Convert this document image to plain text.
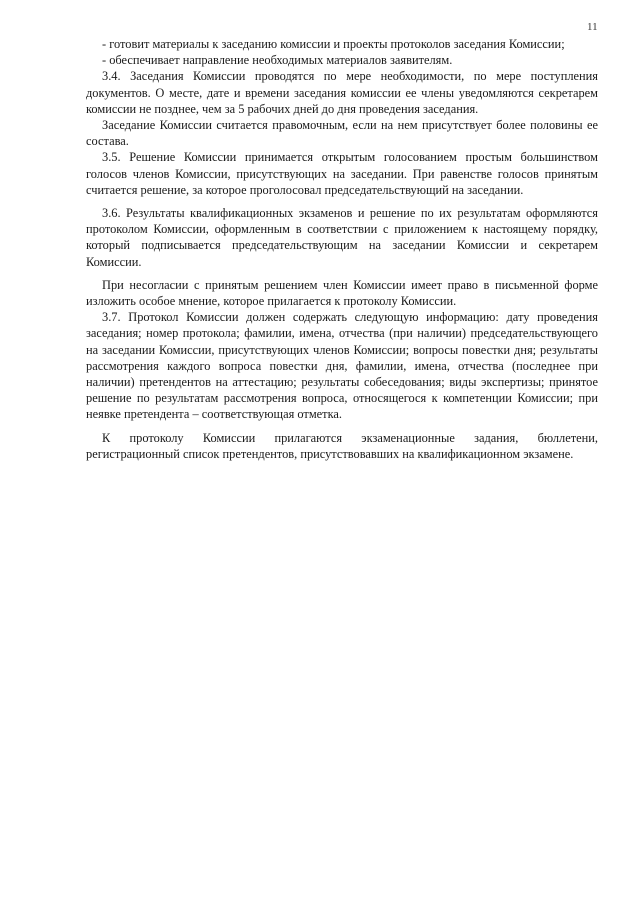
11

- готовит материалы к заседанию комиссии и проекты протоколов заседания Комиссии;

- обеспечивает направление необходимых материалов заявителям.

3.4. Заседания Комиссии проводятся по мере необходимости, по мере поступления документов. О месте, дате и времени заседания комиссии ее члены уведомляются секретарем комиссии не позднее, чем за 5 рабочих дней до дня проведения заседания.

Заседание Комиссии считается правомочным, если на нем присутствует более половины ее состава.

3.5. Решение Комиссии принимается открытым голосованием простым большинством голосов членов Комиссии, присутствующих на заседании. При равенстве голосов принятым считается решение, за которое проголосовал председательствующий на заседании.

3.6. Результаты квалификационных экзаменов и решение по их результатам оформляются протоколом Комиссии, оформленным в соответствии с приложением к настоящему порядку, который подписывается председательствующим на заседании Комиссии и секретарем Комиссии.

При несогласии с принятым решением член Комиссии имеет право в письменной форме изложить особое мнение, которое прилагается к протоколу Комиссии.

3.7. Протокол Комиссии должен содержать следующую информацию: дату проведения заседания; номер протокола; фамилии, имена, отчества (при наличии) председательствующего на заседании Комиссии, присутствующих членов Комиссии; вопросы повестки дня; результаты рассмотрения каждого вопроса повестки дня, фамилии, имена, отчества (последнее при наличии) претендентов на аттестацию; результаты собеседования; виды экспертизы; принятое решение по результатам рассмотрения вопроса, относящегося к компетенции Комиссии; при неявке претендента – соответствующая отметка.

К протоколу Комиссии прилагаются экзаменационные задания, бюллетени, регистрационный список претендентов, присутствовавших на квалификационном экзамене.
